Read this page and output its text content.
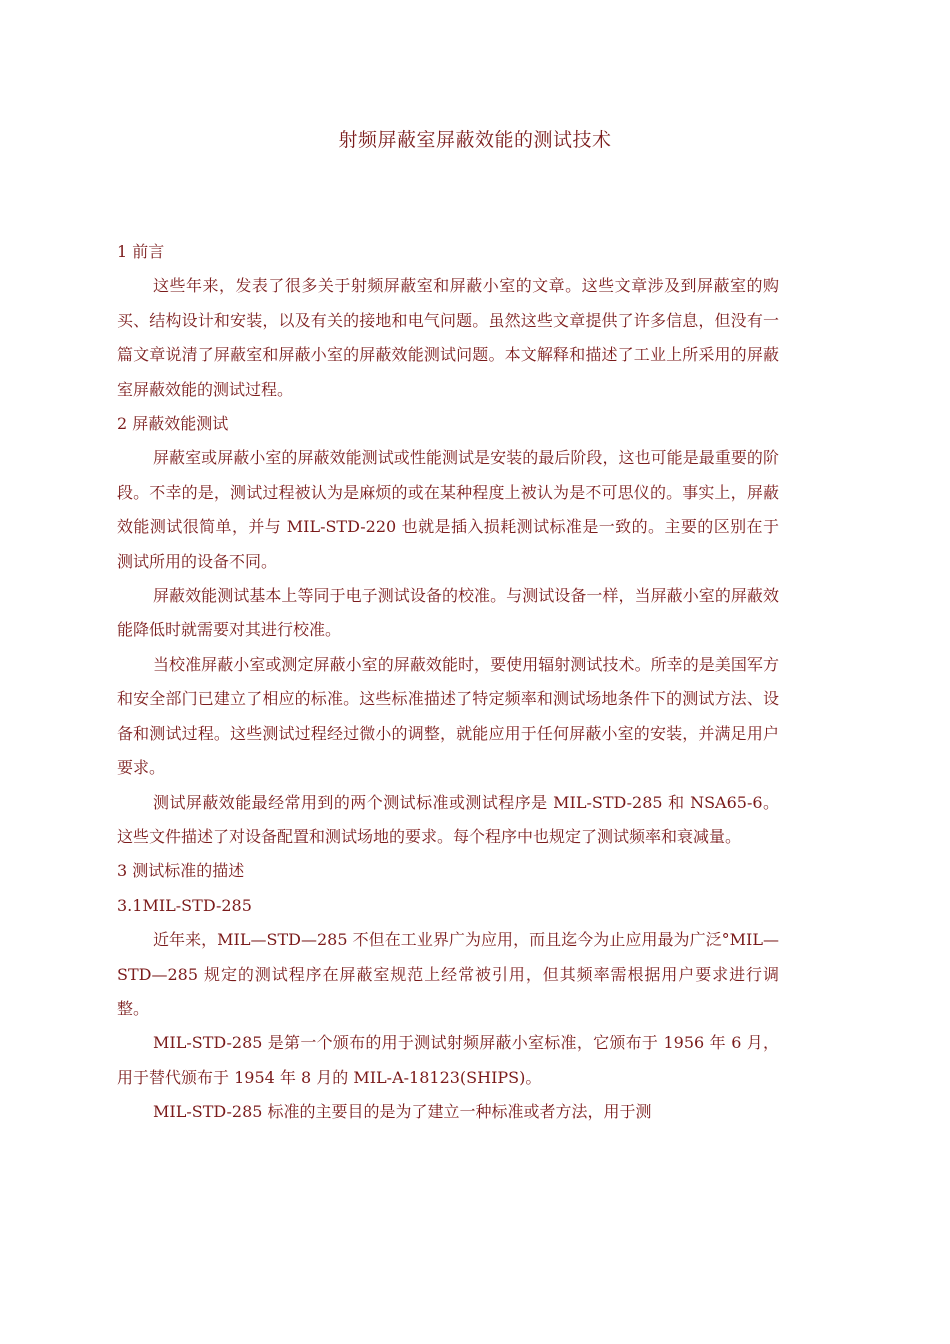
射频屏蔽室屏蔽效能的测试技术

1 前言

这些年来，发表了很多关于射频屏蔽室和屏蔽小室的文章。这些文章涉及到屏蔽室的购买、结构设计和安装，以及有关的接地和电气问题。虽然这些文章提供了许多信息，但没有一篇文章说清了屏蔽室和屏蔽小室的屏蔽效能测试问题。本文解释和描述了工业上所采用的屏蔽室屏蔽效能的测试过程。

2 屏蔽效能测试

屏蔽室或屏蔽小室的屏蔽效能测试或性能测试是安装的最后阶段，这也可能是最重要的阶段。不幸的是，测试过程被认为是麻烦的或在某种程度上被认为是不可思仪的。事实上，屏蔽效能测试很简单，并与 MIL-STD-220 也就是插入损耗测试标准是一致的。主要的区别在于测试所用的设备不同。

屏蔽效能测试基本上等同于电子测试设备的校准。与测试设备一样，当屏蔽小室的屏蔽效能降低时就需要对其进行校准。

当校准屏蔽小室或测定屏蔽小室的屏蔽效能时，要使用辐射测试技术。所幸的是美国军方和安全部门已建立了相应的标准。这些标准描述了特定频率和测试场地条件下的测试方法、设备和测试过程。这些测试过程经过微小的调整，就能应用于任何屏蔽小室的安装，并满足用户要求。

测试屏蔽效能最经常用到的两个测试标准或测试程序是 MIL-STD-285 和 NSA65-6。这些文件描述了对设备配置和测试场地的要求。每个程序中也规定了测试频率和衰减量。

3 测试标准的描述

3.1MIL-STD-285

近年来，MIL—STD—285 不但在工业界广为应用，而且迄今为止应用最为广泛°MIL—STD—285 规定的测试程序在屏蔽室规范上经常被引用，但其频率需根据用户要求进行调整。

MIL-STD-285 是第一个颁布的用于测试射频屏蔽小室标准，它颁布于 1956 年 6 月，用于替代颁布于 1954 年 8 月的 MIL-A-18123(SHIPS)。

MIL-STD-285 标准的主要目的是为了建立一种标准或者方法，用于测
